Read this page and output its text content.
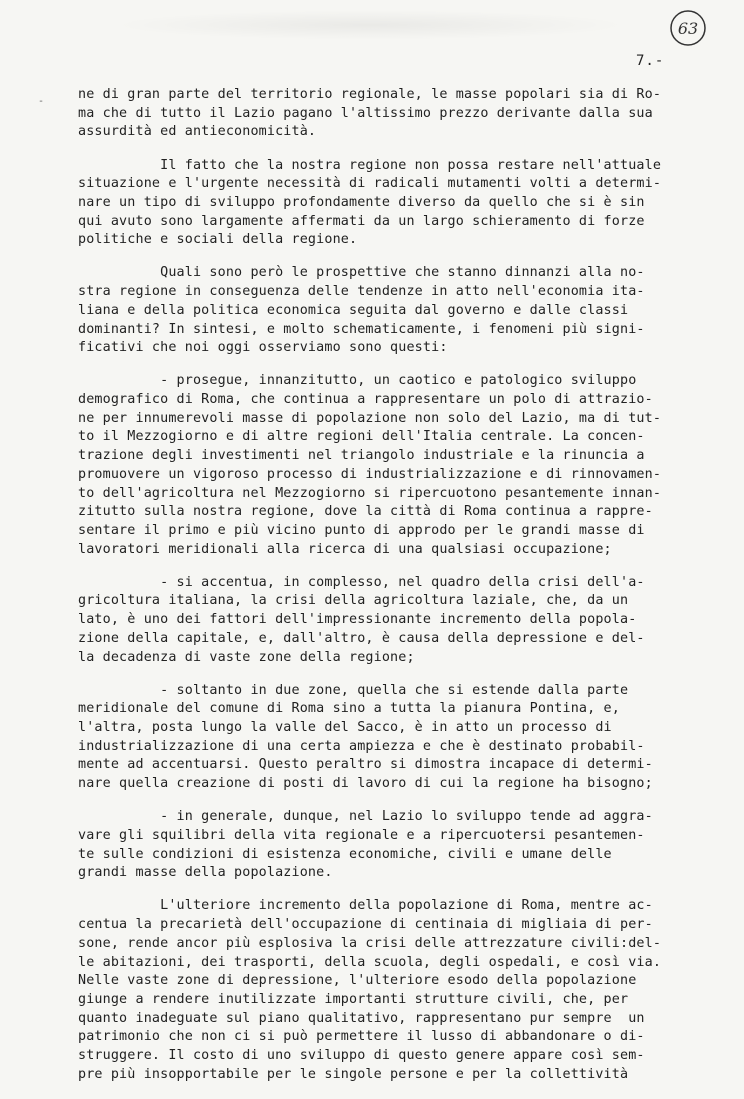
63
7.-
-	ne di gran parte del territorio regionale, le masse popolari sia di Ro-
ma che di tutto il Lazio pagano l'altissimo prezzo derivante dalla sua
assurdità ed antieconomicità.
Il fatto che la nostra regione non possa restare nell'attuale
situazione e l'urgente necessità di radicali mutamenti volti a determi-
nare un tipo di sviluppo profondamente diverso da quello che si è sin
qui avuto sono largamente affermati da un largo schieramento di forze
politiche e sociali della regione.
Quali sono però le prospettive che stanno dinnanzi alla no-
stra regione in conseguenza delle tendenze in atto nell'economia ita-
liana e della politica economica seguita dal governo e dalle classi
dominanti? In sintesi, e molto schematicamente, i fenomeni più signi-
ficativi che noi oggi osserviamo sono questi:
- prosegue, innanzitutto, un caotico e patologico sviluppo
demografico di Roma, che continua a rappresentare un polo di attrazio-
ne per innumerevoli masse di popolazione non solo del Lazio, ma di tut-
to il Mezzogiorno e di altre regioni dell'Italia centrale. La concen-
trazione degli investimenti nel triangolo industriale e la rinuncia a
promuovere un vigoroso processo di industrializzazione e di rinnovamen-
to dell'agricoltura nel Mezzogiorno si ripercuotono pesantemente innan-
zitutto sulla nostra regione, dove la città di Roma continua a rappre-
sentare il primo e più vicino punto di approdo per le grandi masse di
lavoratori meridionali alla ricerca di una qualsiasi occupazione;
- si accentua, in complesso, nel quadro della crisi dell'a-
gricoltura italiana, la crisi della agricoltura laziale, che, da un
lato, è uno dei fattori dell'impressionante incremento della popola-
zione della capitale, e, dall'altro, è causa della depressione e del-
la decadenza di vaste zone della regione;
- soltanto in due zone, quella che si estende dalla parte
meridionale del comune di Roma sino a tutta la pianura Pontina, e,
l'altra, posta lungo la valle del Sacco, è in atto un processo di
industrializzazione di una certa ampiezza e che è destinato probabil-
mente ad accentuarsi. Questo peraltro si dimostra incapace di determi-
nare quella creazione di posti di lavoro di cui la regione ha bisogno;
- in generale, dunque, nel Lazio lo sviluppo tende ad aggra-
vare gli squilibri della vita regionale e a ripercuotersi pesantemen-
te sulle condizioni di esistenza economiche, civili e umane delle
grandi masse della popolazione.
L'ulteriore incremento della popolazione di Roma, mentre ac-
centua la precarietà dell'occupazione di centinaia di migliaia di per-
sone, rende ancor più esplosiva la crisi delle attrezzature civili:del-
le abitazioni, dei trasporti, della scuola, degli ospedali, e così via.
Nelle vaste zone di depressione, l'ulteriore esodo della popolazione
giunge a rendere inutilizzate importanti strutture civili, che, per
quanto inadeguate sul piano qualitativo, rappresentano pur sempre  un
patrimonio che non ci si può permettere il lusso di abbandonare o di-
struggere. Il costo di uno sviluppo di questo genere appare così sem-
pre più insopportabile per le singole persone e per la collettività
